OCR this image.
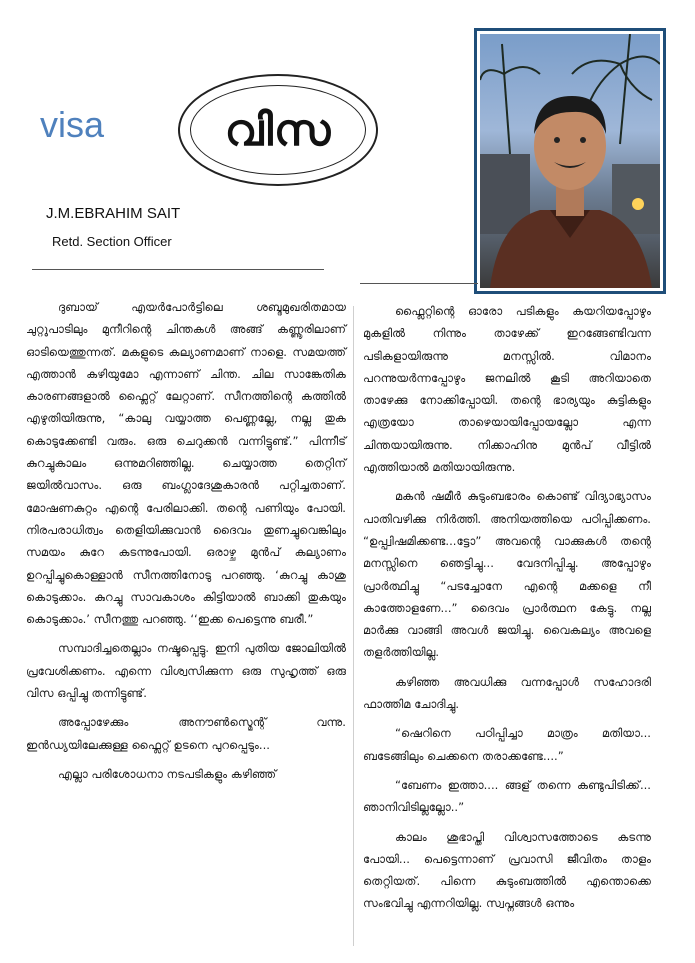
visa	വിസ
J.M.EBRAHIM SAIT
Retd. Section Officer

ദുബായ് എയർപോർട്ടിലെ ശബ്ദമുഖരിതമായ ചുറ്റുപാടിലും മുനീറിന്റെ ചിന്തകൾ അങ്ങ് കണ്ണൂരിലാണ് ഓടിയെത്തുന്നത്. മകളുടെ കല്യാണമാണ് നാളെ. സമയത്ത് എത്താൻ കഴിയുമോ എന്നാണ് ചിന്ത. ചില സാങ്കേതിക കാരണങ്ങളാൽ ഫ്ലൈറ്റ് ലേറ്റാണ്. സീനത്തിന്റെ കത്തിൽ എഴുതിയിരുന്നു, “കാലു വയ്യാത്ത പെണ്ണല്ലേ, നല്ല തുക കൊടുക്കേണ്ടി വരും. ഒരു ചെറുക്കൻ വന്നിട്ടുണ്ട്.” പിന്നീട് കുറച്ചുകാലം ഒന്നുമറിഞ്ഞില്ല. ചെയ്യാത്ത തെറ്റിന് ജയിൽവാസം. ഒരു ബംഗ്ലാദേശുകാരൻ പറ്റിച്ചതാണ്. മോഷണകുറ്റം എന്റെ പേരിലാക്കി. തന്റെ പണിയും പോയി. നിരപരാധിത്വം തെളിയിക്കുവാൻ ദൈവം തുണച്ചുവെങ്കിലും സമയം കുറേ കടന്നുപോയി. ഒരാഴ്ച മുൻപ് കല്യാണം ഉറപ്പിച്ചുകൊള്ളാൻ സീനത്തിനോടു പറഞ്ഞു. ‘കുറച്ചു കാശു കൊടുക്കാം. കുറച്ചു സാവകാശം കിട്ടിയാൽ ബാക്കി തുകയും കൊടുക്കാം.’ സീനത്തു പറഞ്ഞു. ‘‘ഇക്ക പെട്ടെന്നു ബരീ.”

സമ്പാദിച്ചതെല്ലാം നഷ്ടപ്പെട്ടു. ഇനി പുതിയ ജോലിയിൽ പ്രവേശിക്കണം. എന്നെ വിശ്വസിക്കുന്ന ഒരു സുഹൃത്ത് ഒരു വിസ ഒപ്പിച്ചു തന്നിട്ടുണ്ട്.

അപ്പോഴേക്കും അനൗൺസ്മെന്റ് വന്നു. ഇൻഡ്യയിലേക്കുള്ള ഫ്ലൈറ്റ് ഉടനെ പുറപ്പെടും...

എല്ലാ പരിശോധനാ നടപടികളും കഴിഞ്ഞ്

ഫ്ലൈറ്റിന്റെ ഓരോ പടികളും കയറിയപ്പോഴും മുകളിൽ നിന്നും താഴേക്ക് ഇറങ്ങേണ്ടിവന്ന പടികളായിരുന്നു മനസ്സിൽ. വിമാനം പറന്നുയർന്നപ്പോഴും ജനലിൽ കൂടി അറിയാതെ താഴേക്കു നോക്കിപ്പോയി. തന്റെ ഭാര്യയും കുട്ടികളും എത്രയോ താഴെയായിപ്പോയല്ലോ എന്ന ചിന്തയായിരുന്നു. നിക്കാഹിനു മുൻപ് വീട്ടിൽ എത്തിയാൽ മതിയായിരുന്നു.

മകൻ ഷമീർ കുടുംബഭാരം കൊണ്ട് വിദ്യാഭ്യാസം പാതിവഴിക്കു നിർത്തി. അനിയത്തിയെ പഠിപ്പിക്കണം. “ഉപ്പ്വിഷമിക്കണ്ട...ട്ടോ” അവന്റെ വാക്കുകൾ തന്റെ മനസ്സിനെ ഞെട്ടിച്ചു... വേദനിപ്പിച്ചു. അപ്പോഴും പ്രാർത്ഥിച്ചു “പടച്ചോനേ എന്റെ മക്കളെ നീ കാത്തോളണേ...” ദൈവം പ്രാർത്ഥന കേട്ടു. നല്ല മാർക്കു വാങ്ങി അവൾ ജയിച്ചു. വൈകല്യം അവളെ തളർത്തിയില്ല.

കഴിഞ്ഞ അവധിക്കു വന്നപ്പോൾ സഹോദരി ഫാത്തിമ ചോദിച്ചു.

“ഷെറിനെ പഠിപ്പിച്ചാ മാത്രം മതിയാ... ബടേങ്ങിലും ചെക്കനെ തരാക്കണ്ടേ....”

“ബേണം ഇത്താ.... ങ്ങള് തന്നെ കണ്ടുപിടിക്ക്... ഞാനിവിടില്ലല്ലോ..”

കാലം ശുഭാപ്തി വിശ്വാസത്തോടെ കടന്നു പോയി... പെട്ടെന്നാണ് പ്രവാസി ജീവിതം താളം തെറ്റിയത്. പിന്നെ കുടുംബത്തിൽ എന്തൊക്കെ സംഭവിച്ചു എന്നറിയില്ല. സ്വപ്നങ്ങൾ ഒന്നും
